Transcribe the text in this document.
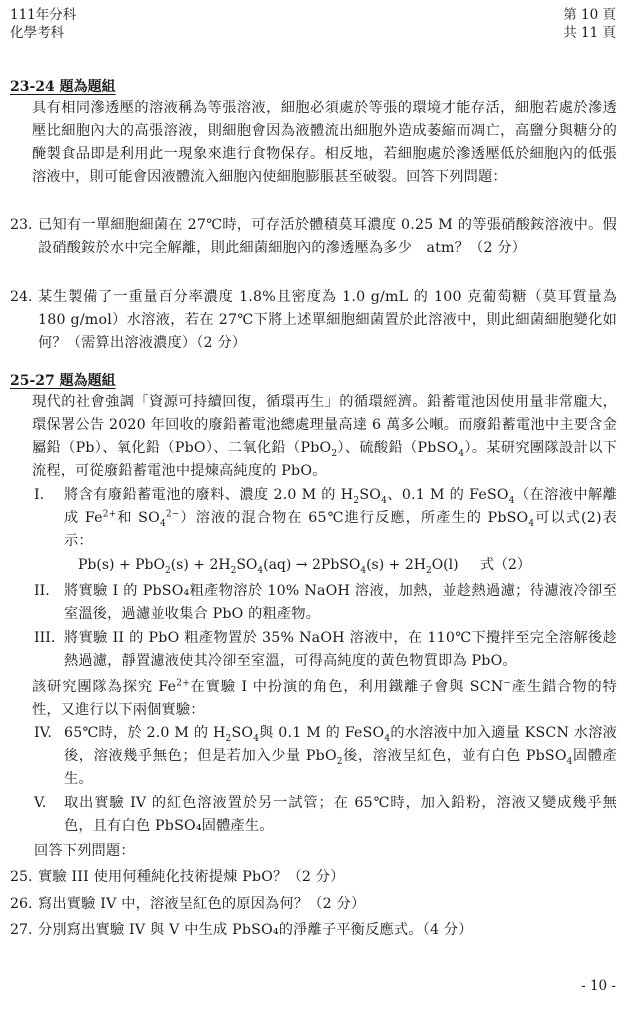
111年分科
化學考科
第 10 頁
共 11 頁
23-24 題為題組
具有相同滲透壓的溶液稱為等張溶液，細胞必須處於等張的環境才能存活，細胞若處於滲透壓比細胞內大的高張溶液，則細胞會因為液體流出細胞外造成萎縮而凋亡，高鹽分與糖分的醃製食品即是利用此一現象來進行食物保存。相反地，若細胞處於滲透壓低於細胞內的低張溶液中，則可能會因液體流入細胞內使細胞膨脹甚至破裂。回答下列問題：
23. 已知有一單細胞細菌在 27℃時，可存活於體積莫耳濃度 0.25 M 的等張硝酸銨溶液中。假設硝酸銨於水中完全解離，則此細菌細胞內的滲透壓為多少　atm？（2 分）
24. 某生製備了一重量百分率濃度 1.8%且密度為 1.0 g/mL 的 100 克葡萄糖（莫耳質量為 180 g/mol）水溶液，若在 27℃下將上述單細胞細菌置於此溶液中，則此細菌細胞變化如何？（需算出溶液濃度）（2 分）
25-27 題為題組
現代的社會強調「資源可持續回復，循環再生」的循環經濟。鉛蓄電池因使用量非常龐大，環保署公告 2020 年回收的廢鉛蓄電池總處理量高達 6 萬多公噸。而廢鉛蓄電池中主要含金屬鉛（Pb）、氧化鉛（PbO）、二氧化鉛（PbO$_2$）、硫酸鉛（PbSO$_4$）。某研究團隊設計以下流程，可從廢鉛蓄電池中提煉高純度的 PbO。
I. 將含有廢鉛蓄電池的廢料、濃度 2.0 M 的 $H_2SO_4$、0.1 M 的 FeSO$_4$（在溶液中解離成 $Fe^{2+}$和 $SO_4^{2-}$）溶液的混合物在 65℃進行反應，所產生的 PbSO$_4$可以式(2)表示：
$Pb(s) + PbO_2(s) + 2H_2SO_4(aq)$ → 2PbSO$_4$(s) + $2H_2O(l)$ 式（2）
II. 將實驗 I 的 PbSO₄粗產物溶於 10% NaOH 溶液，加熱，並趁熱過濾；待濾液冷卻至室溫後，過濾並收集合 PbO 的粗產物。
III. 將實驗 II 的 PbO 粗產物置於 35% NaOH 溶液中，在 110℃下攪拌至完全溶解後趁熱過濾，靜置濾液使其冷卻至室溫，可得高純度的黃色物質即為 PbO。
該研究團隊為探究 $Fe^{2+}$在實驗 I 中扮演的角色，利用鐵離子會與 SCN−產生錯合物的特性，又進行以下兩個實驗：
IV. 65℃時，於 2.0 M 的 $H_2SO_4$與 0.1 M 的 FeSO$_4$的水溶液中加入適量 KSCN 水溶液後，溶液幾乎無色；但是若加入少量 PbO$_2$後，溶液呈紅色，並有白色 PbSO$_4$固體產生。
V. 取出實驗 IV 的紅色溶液置於另一試管；在 65℃時，加入鉛粉，溶液又變成幾乎無色，且有白色 PbSO₄固體產生。
回答下列問題：
25. 實驗 III 使用何種純化技術提煉 PbO？（2 分）
26. 寫出實驗 IV 中，溶液呈紅色的原因為何？（2 分）
27. 分別寫出實驗 IV 與 V 中生成 PbSO₄的淨離子平衡反應式。（4 分）
- 10 -
